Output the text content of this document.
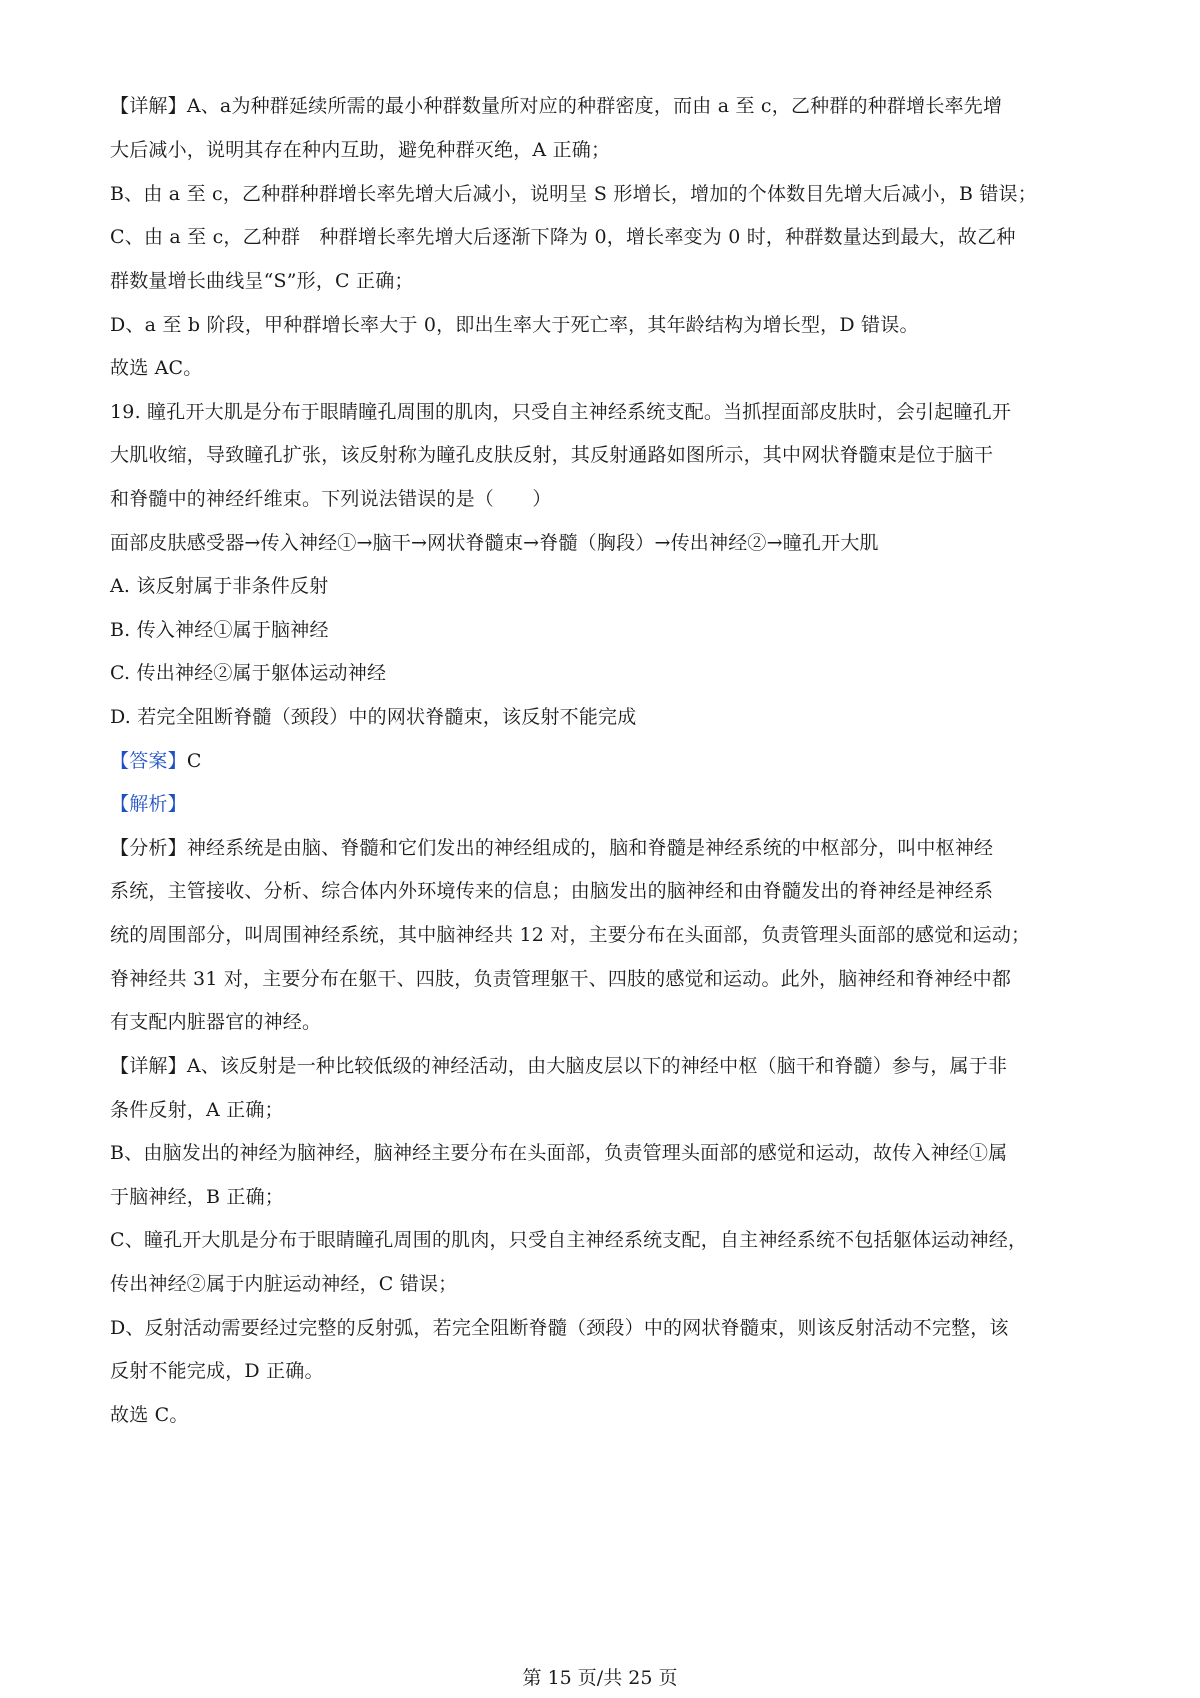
【详解】A、a为种群延续所需的最小种群数量所对应的种群密度，而由 a 至 c，乙种群的种群增长率先增
大后减小，说明其存在种内互助，避免种群灭绝，A 正确；
B、由 a 至 c，乙种群种群增长率先增大后减小，说明呈 S 形增长，增加的个体数目先增大后减小，B 错误；
C、由 a 至 c，乙种群　种群增长率先增大后逐渐下降为 0，增长率变为 0 时，种群数量达到最大，故乙种
群数量增长曲线呈“S”形，C 正确；
D、a 至 b 阶段，甲种群增长率大于 0，即出生率大于死亡率，其年龄结构为增长型，D 错误。
故选 AC。
19. 瞳孔开大肌是分布于眼睛瞳孔周围的肌肉，只受自主神经系统支配。当抓捏面部皮肤时，会引起瞳孔开
大肌收缩，导致瞳孔扩张，该反射称为瞳孔皮肤反射，其反射通路如图所示，其中网状脊髓束是位于脑干
和脊髓中的神经纤维束。下列说法错误的是（　　）
面部皮肤感受器→传入神经①→脑干→网状脊髓束→脊髓（胸段）→传出神经②→瞳孔开大肌
A. 该反射属于非条件反射
B. 传入神经①属于脑神经
C. 传出神经②属于躯体运动神经
D. 若完全阻断脊髓（颈段）中的网状脊髓束，该反射不能完成
【答案】C
【解析】
【分析】神经系统是由脑、脊髓和它们发出的神经组成的，脑和脊髓是神经系统的中枢部分，叫中枢神经
系统，主管接收、分析、综合体内外环境传来的信息；由脑发出的脑神经和由脊髓发出的脊神经是神经系
统的周围部分，叫周围神经系统，其中脑神经共 12 对，主要分布在头面部，负责管理头面部的感觉和运动；
脊神经共 31 对，主要分布在躯干、四肢，负责管理躯干、四肢的感觉和运动。此外，脑神经和脊神经中都
有支配内脏器官的神经。
【详解】A、该反射是一种比较低级的神经活动，由大脑皮层以下的神经中枢（脑干和脊髓）参与，属于非
条件反射，A 正确；
B、由脑发出的神经为脑神经，脑神经主要分布在头面部，负责管理头面部的感觉和运动，故传入神经①属
于脑神经，B 正确；
C、瞳孔开大肌是分布于眼睛瞳孔周围的肌肉，只受自主神经系统支配，自主神经系统不包括躯体运动神经，
传出神经②属于内脏运动神经，C 错误；
D、反射活动需要经过完整的反射弧，若完全阻断脊髓（颈段）中的网状脊髓束，则该反射活动不完整，该
反射不能完成，D 正确。
故选 C。
第 15 页/共 25 页
